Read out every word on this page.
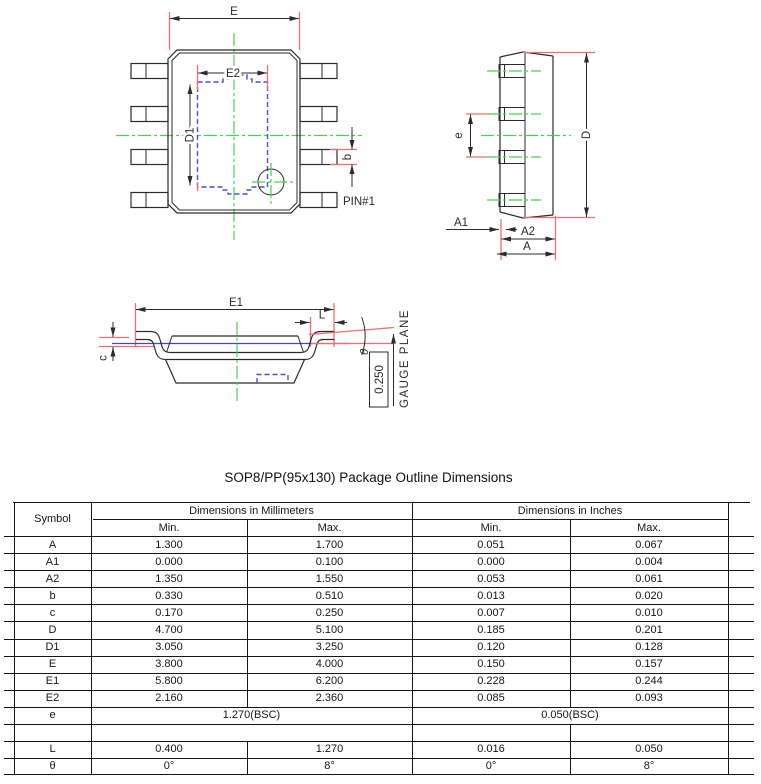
E
E2
D1
b
PIN#1
e	D
A1
A2
A
E1
L
c
θ
0.250 GAUGE PLANE
SOP8/PP(95x130) Package Outline Dimensions
Symbol
Dimensions in Millimeters	Dimensions in Inches
Min.	Max.	Min.	Max.
A	1.300	1.700	0.051	0.067
A1	0.000	0.100	0.000	0.004
A2	1.350	1.550	0.053	0.061
b	0.330	0.510	0.013	0.020
c	0.170	0.250	0.007	0.010
D	4.700	5.100	0.185	0.201
D1	3.050	3.250	0.120	0.128
E	3.800	4.000	0.150	0.157
E1	5.800	6.200	0.228	0.244
E2	2.160	2.360	0.085	0.093
e	1.270(BSC)	0.050(BSC)
L	0.400	1.270	0.016	0.050
θ	0°	8°	0°	8°
